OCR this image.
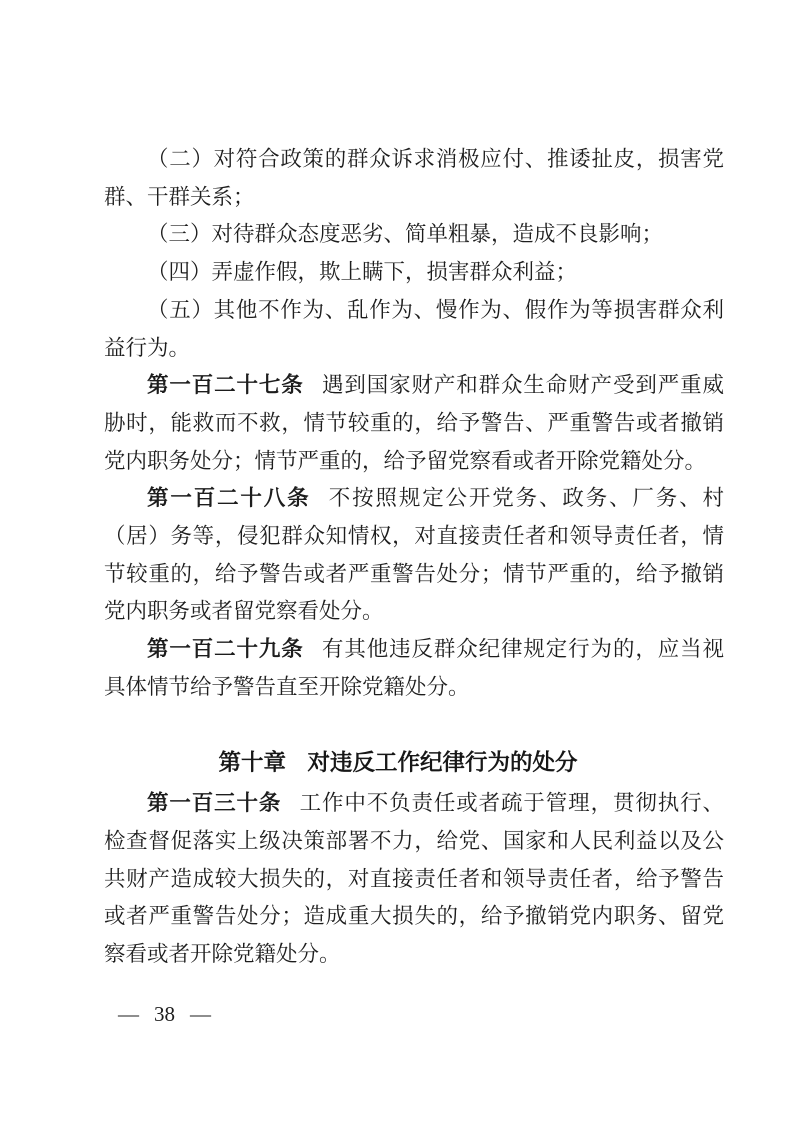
（二）对符合政策的群众诉求消极应付、推诿扯皮，损害党群、干群关系；

（三）对待群众态度恶劣、简单粗暴，造成不良影响；

（四）弄虚作假，欺上瞒下，损害群众利益；

（五）其他不作为、乱作为、慢作为、假作为等损害群众利益行为。

第一百二十七条 遇到国家财产和群众生命财产受到严重威胁时，能救而不救，情节较重的，给予警告、严重警告或者撤销党内职务处分；情节严重的，给予留党察看或者开除党籍处分。

第一百二十八条 不按照规定公开党务、政务、厂务、村（居）务等，侵犯群众知情权，对直接责任者和领导责任者，情节较重的，给予警告或者严重警告处分；情节严重的，给予撤销党内职务或者留党察看处分。

第一百二十九条 有其他违反群众纪律规定行为的，应当视具体情节给予警告直至开除党籍处分。

第十章 对违反工作纪律行为的处分

第一百三十条 工作中不负责任或者疏于管理，贯彻执行、检查督促落实上级决策部署不力，给党、国家和人民利益以及公共财产造成较大损失的，对直接责任者和领导责任者，给予警告或者严重警告处分；造成重大损失的，给予撤销党内职务、留党察看或者开除党籍处分。

— 38 —
